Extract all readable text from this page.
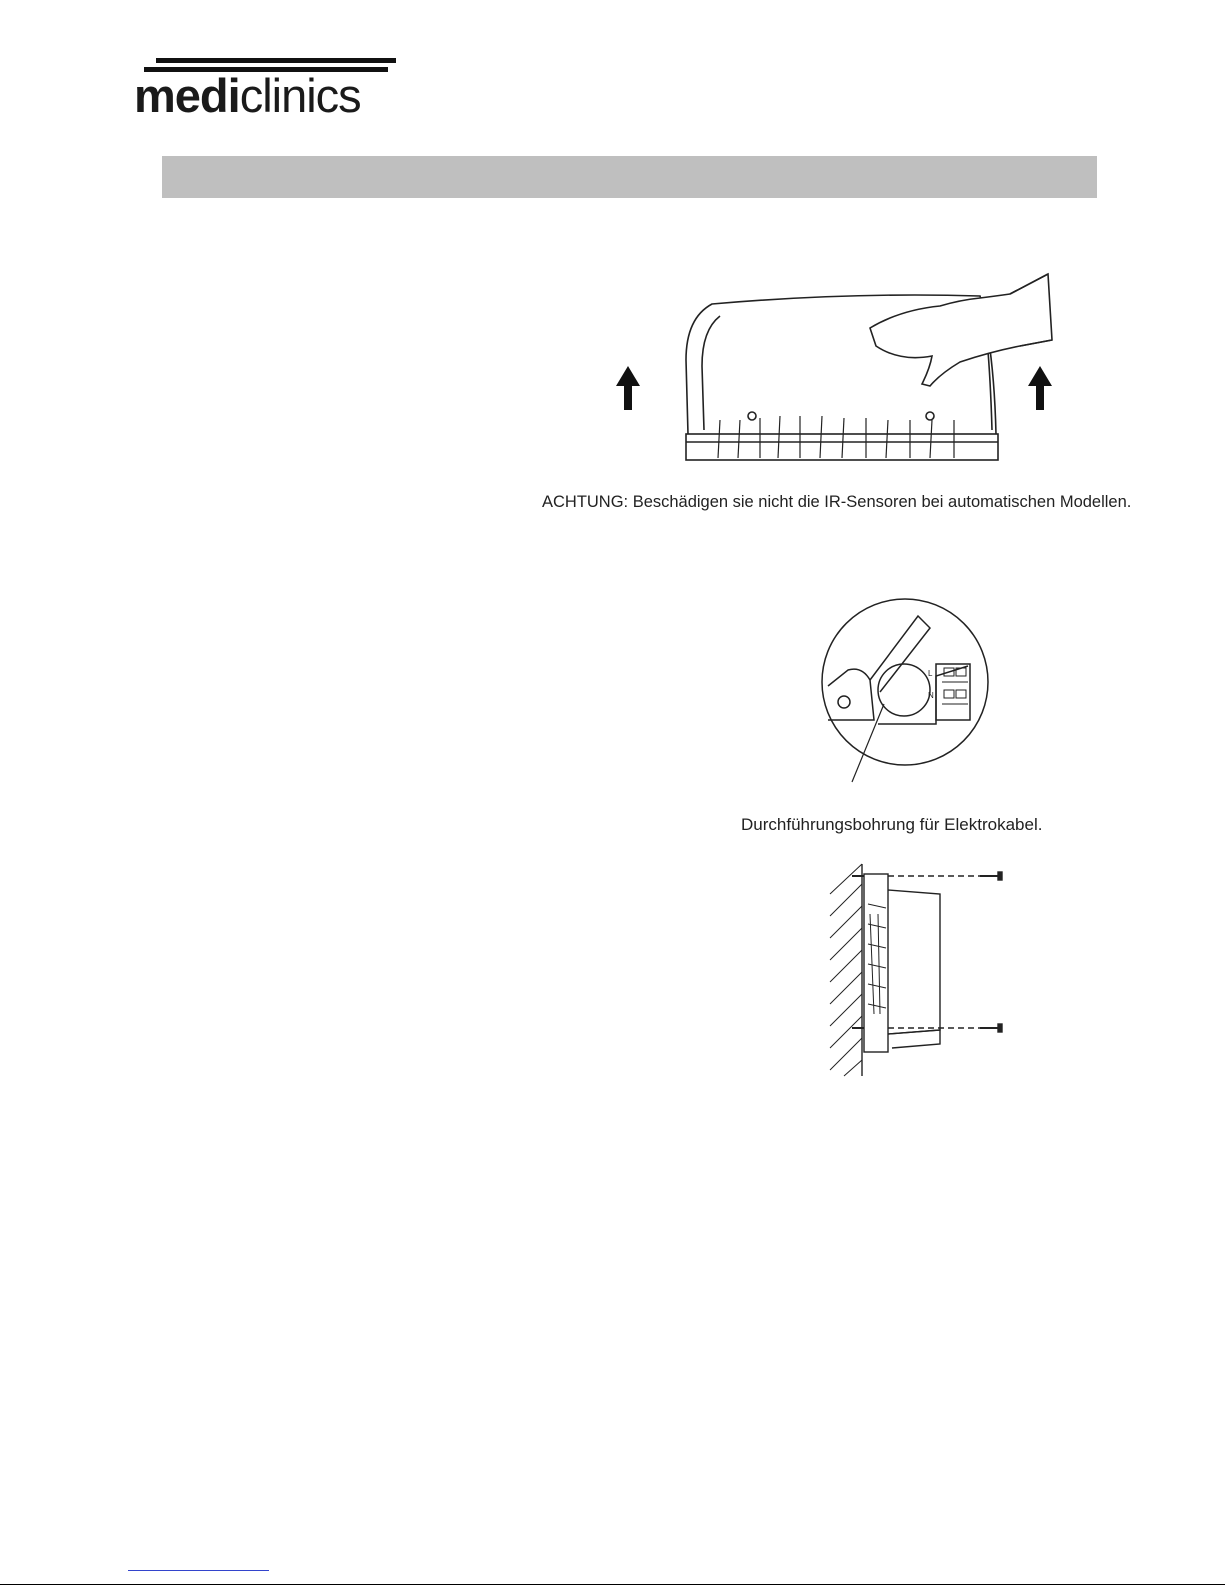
mediclinics
ACHTUNG: Beschädigen sie nicht die IR-Sensoren bei automatischen Modellen.
L
N
Durchführungsbohrung für Elektrokabel.
